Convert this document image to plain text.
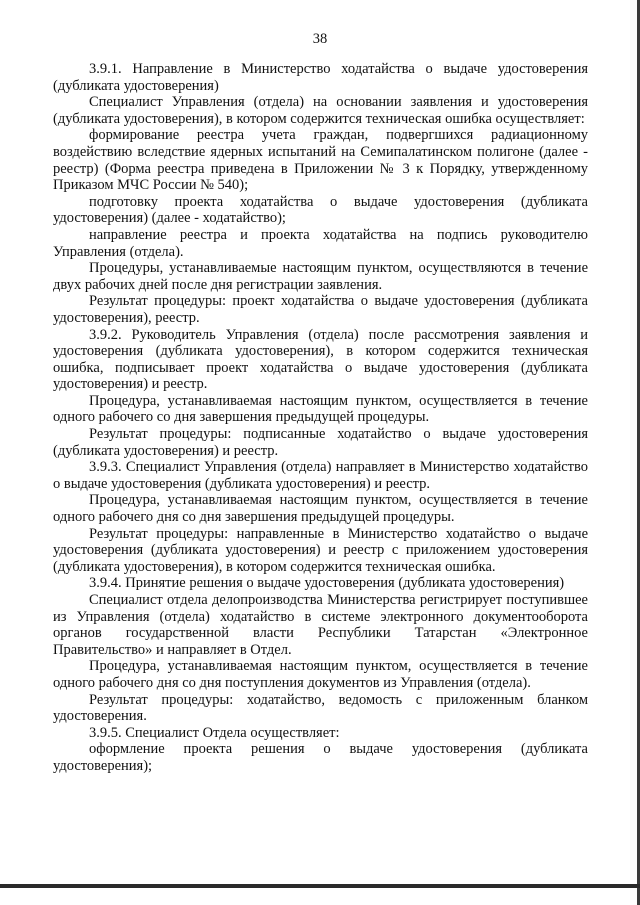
38

3.9.1. Направление в Министерство ходатайства о выдаче удостоверения (дубликата удостоверения)

Специалист Управления (отдела) на основании заявления и удостоверения (дубликата удостоверения), в котором содержится техническая ошибка осуществляет:

формирование реестра учета граждан, подвергшихся радиационному воздействию вследствие ядерных испытаний на Семипалатинском полигоне (далее - реестр) (Форма реестра приведена в Приложении № 3 к Порядку, утвержденному Приказом МЧС России № 540);

подготовку проекта ходатайства о выдаче удостоверения (дубликата удостоверения) (далее - ходатайство);

направление реестра и проекта ходатайства на подпись руководителю Управления (отдела).

Процедуры, устанавливаемые настоящим пунктом, осуществляются в течение двух рабочих дней после дня регистрации заявления.

Результат процедуры: проект ходатайства о выдаче удостоверения (дубликата удостоверения), реестр.

3.9.2. Руководитель Управления (отдела) после рассмотрения заявления и удостоверения (дубликата удостоверения), в котором содержится техническая ошибка, подписывает проект ходатайства о выдаче удостоверения (дубликата удостоверения) и реестр.

Процедура, устанавливаемая настоящим пунктом, осуществляется в течение одного рабочего со дня завершения предыдущей процедуры.

Результат процедуры: подписанные ходатайство о выдаче удостоверения (дубликата удостоверения) и реестр.

3.9.3. Специалист Управления (отдела) направляет в Министерство ходатайство о выдаче удостоверения (дубликата удостоверения) и реестр.

Процедура, устанавливаемая настоящим пунктом, осуществляется в течение одного рабочего дня со дня завершения предыдущей процедуры.

Результат процедуры: направленные в Министерство ходатайство о выдаче удостоверения (дубликата удостоверения) и реестр с приложением удостоверения (дубликата удостоверения), в котором содержится техническая ошибка.

3.9.4. Принятие решения о выдаче удостоверения (дубликата удостоверения)

Специалист отдела делопроизводства Министерства регистрирует поступившее из Управления (отдела) ходатайство в системе электронного документооборота органов государственной власти Республики Татарстан «Электронное Правительство» и направляет в Отдел.

Процедура, устанавливаемая настоящим пунктом, осуществляется в течение одного рабочего дня со дня поступления документов из Управления (отдела).

Результат процедуры: ходатайство, ведомость с приложенным бланком удостоверения.

3.9.5. Специалист Отдела осуществляет:

оформление проекта решения о выдаче удостоверения (дубликата удостоверения);
